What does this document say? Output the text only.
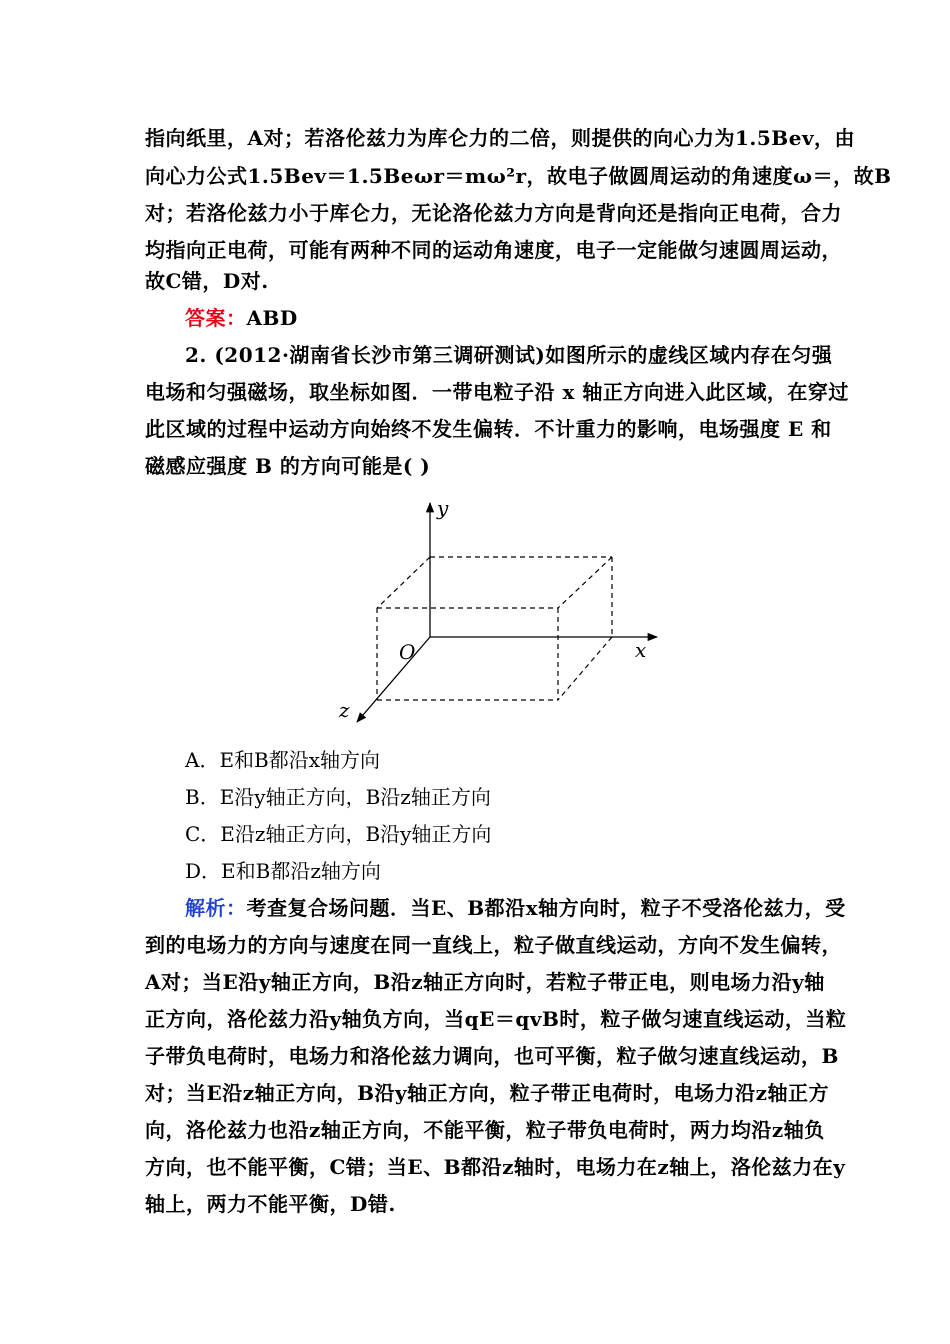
指向纸里，A对；若洛伦兹力为库仑力的二倍，则提供的向心力为1.5Bev，由
向心力公式1.5Bev＝1.5Beωr＝mω²r，故电子做圆周运动的角速度ω＝，故B
对；若洛伦兹力小于库仑力，无论洛伦兹力方向是背向还是指向正电荷，合力
均指向正电荷，可能有两种不同的运动角速度，电子一定能做匀速圆周运动，
故C错，D对.
答案：ABD
2. (2012·湖南省长沙市第三调研测试)如图所示的虚线区域内存在匀强
电场和匀强磁场，取坐标如图．一带电粒子沿 x 轴正方向进入此区域，在穿过
此区域的过程中运动方向始终不发生偏转．不计重力的影响，电场强度 E 和
磁感应强度 B 的方向可能是( )
y
x
z
O
A．E和B都沿x轴方向
B．E沿y轴正方向，B沿z轴正方向
C．E沿z轴正方向，B沿y轴正方向
D．E和B都沿z轴方向
解析：考查复合场问题．当E、B都沿x轴方向时，粒子不受洛伦兹力，受
到的电场力的方向与速度在同一直线上，粒子做直线运动，方向不发生偏转，
A对；当E沿y轴正方向，B沿z轴正方向时，若粒子带正电，则电场力沿y轴
正方向，洛伦兹力沿y轴负方向，当qE＝qvB时，粒子做匀速直线运动，当粒
子带负电荷时，电场力和洛伦兹力调向，也可平衡，粒子做匀速直线运动，B
对；当E沿z轴正方向，B沿y轴正方向，粒子带正电荷时，电场力沿z轴正方
向，洛伦兹力也沿z轴正方向，不能平衡，粒子带负电荷时，两力均沿z轴负
方向，也不能平衡，C错；当E、B都沿z轴时，电场力在z轴上，洛伦兹力在y
轴上，两力不能平衡，D错.
